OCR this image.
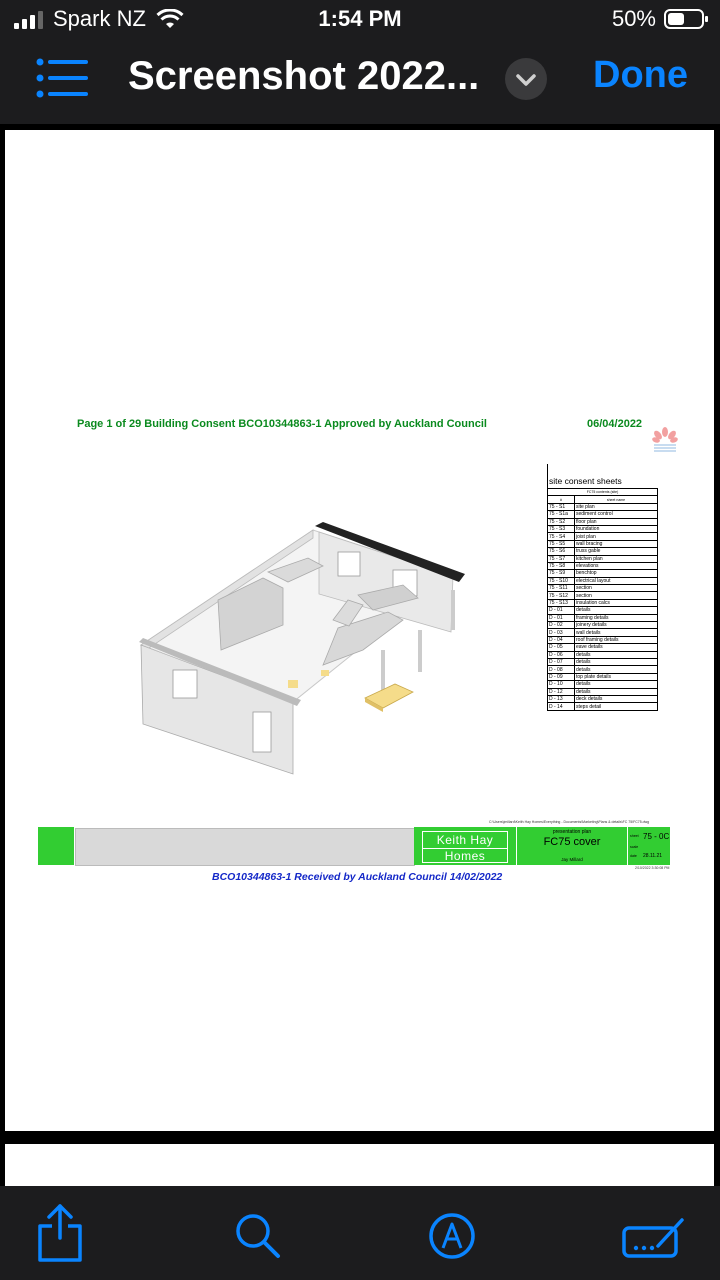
Spark NZ	1:54 PM	50%
Screenshot 2022...	Done
Page 1 of 29 Building Consent BCO10344863-1 Approved by Auckland Council	06/04/2022
site consent sheets
FC75 contents (site)	
#	sheet name
75 - S1	site plan
75 - S1a	sediment control
75 - S2	floor plan
75 - S3	foundation
75 - S4	joist plan
75 - S5	wall bracing
75 - S6	truss gable
75 - S7	kitchen plan
75 - S8	elevations
75 - S9	benchtop
75 - S10	electrical layout
75 - S11	section
75 - S12	section
75 - S13	insulation calcs
D - 01	details
D - 01	framing details
D - 02	joinery details
D - 03	wall details
D - 04	roof framing details
D - 05	eave details
D - 06	details
D - 07	details
D - 08	details
D - 09	top plate details
D - 10	details
D - 12	details
D - 13	deck details
D - 14	steps detail
C:\Users\jmillard\Keith Hay Homes\Everything - Documents\Marketing\Plans & details\FC 75\FC75.dwg
Keith Hay
Homes
presentation plan
FC75 cover
Jay Millard
sheet 75 - 0C
scale
date 28.11.21
2/10/2022 3:30:08 PM
BCO10344863-1 Received by Auckland Council 14/02/2022
